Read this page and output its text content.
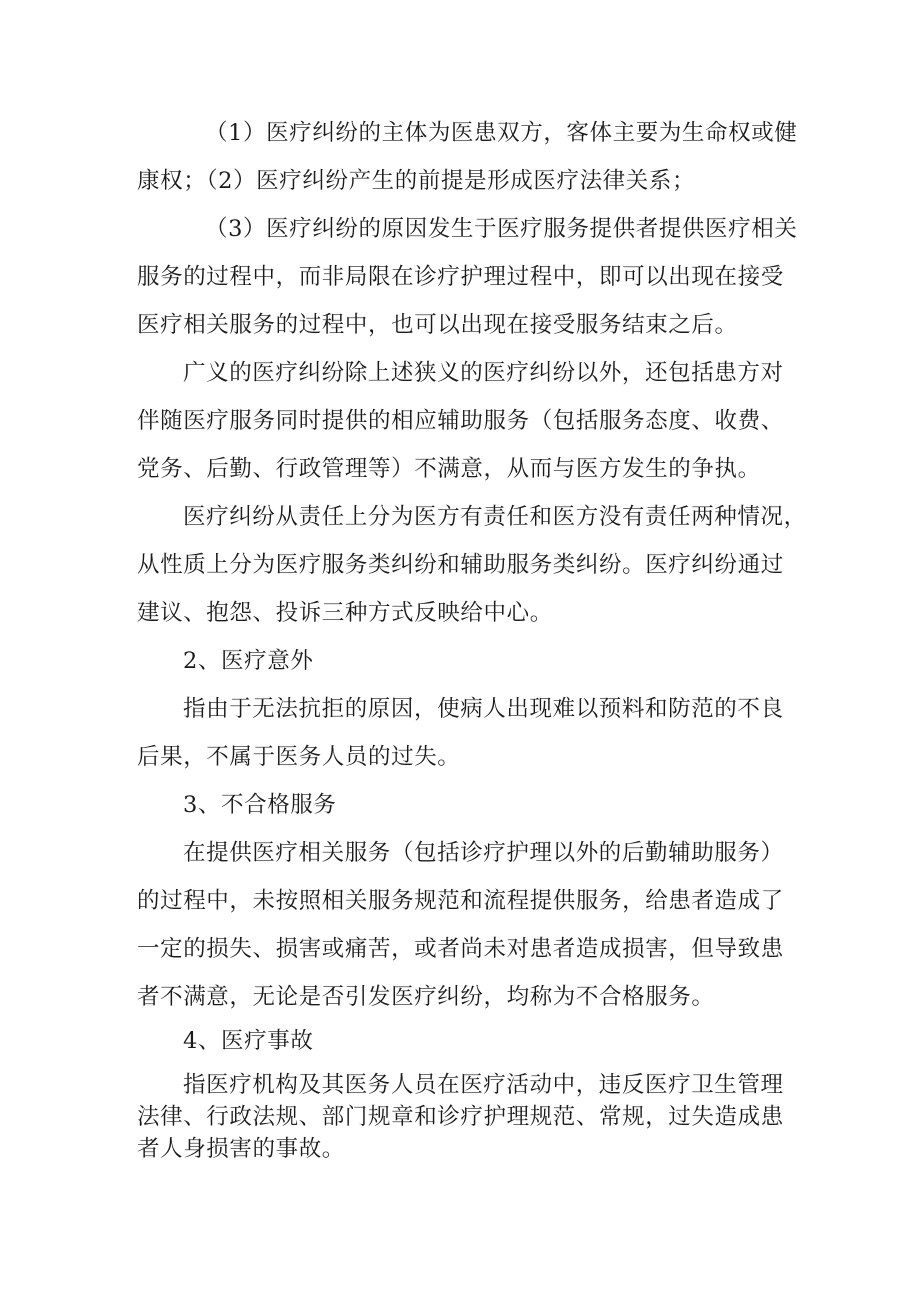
（1）医疗纠纷的主体为医患双方，客体主要为生命权或健
康权；（2）医疗纠纷产生的前提是形成医疗法律关系；
（3）医疗纠纷的原因发生于医疗服务提供者提供医疗相关
服务的过程中，而非局限在诊疗护理过程中，即可以出现在接受
医疗相关服务的过程中，也可以出现在接受服务结束之后。
广义的医疗纠纷除上述狭义的医疗纠纷以外，还包括患方对
伴随医疗服务同时提供的相应辅助服务（包括服务态度、收费、
党务、后勤、行政管理等）不满意，从而与医方发生的争执。
医疗纠纷从责任上分为医方有责任和医方没有责任两种情况，
从性质上分为医疗服务类纠纷和辅助服务类纠纷。医疗纠纷通过
建议、抱怨、投诉三种方式反映给中心。
2、医疗意外
指由于无法抗拒的原因，使病人出现难以预料和防范的不良
后果，不属于医务人员的过失。
3、不合格服务
在提供医疗相关服务（包括诊疗护理以外的后勤辅助服务）
的过程中，未按照相关服务规范和流程提供服务，给患者造成了
一定的损失、损害或痛苦，或者尚未对患者造成损害，但导致患
者不满意，无论是否引发医疗纠纷，均称为不合格服务。
4、医疗事故
指医疗机构及其医务人员在医疗活动中，违反医疗卫生管理
法律、行政法规、部门规章和诊疗护理规范、常规，过失造成患
者人身损害的事故。
